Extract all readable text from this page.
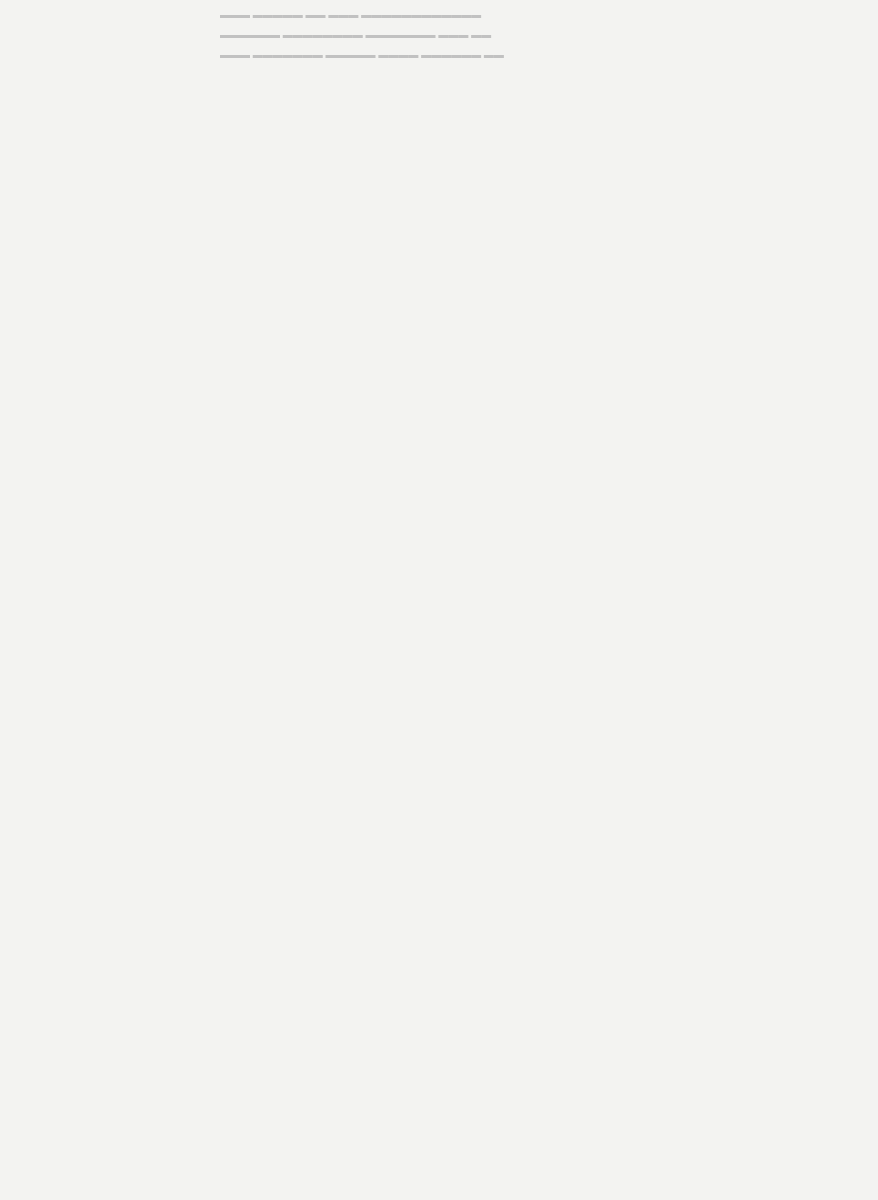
▬▬▬ ▬▬▬▬▬ ▬▬ ▬▬▬ ▬▬▬▬▬▬▬▬▬▬▬▬
▬▬▬▬▬▬ ▬▬▬▬▬▬▬▬ ▬▬▬▬▬▬▬ ▬▬▬ ▬▬
▬▬▬ ▬▬▬▬▬▬▬ ▬▬▬▬▬ ▬▬▬▬ ▬▬▬▬▬▬ ▬▬
